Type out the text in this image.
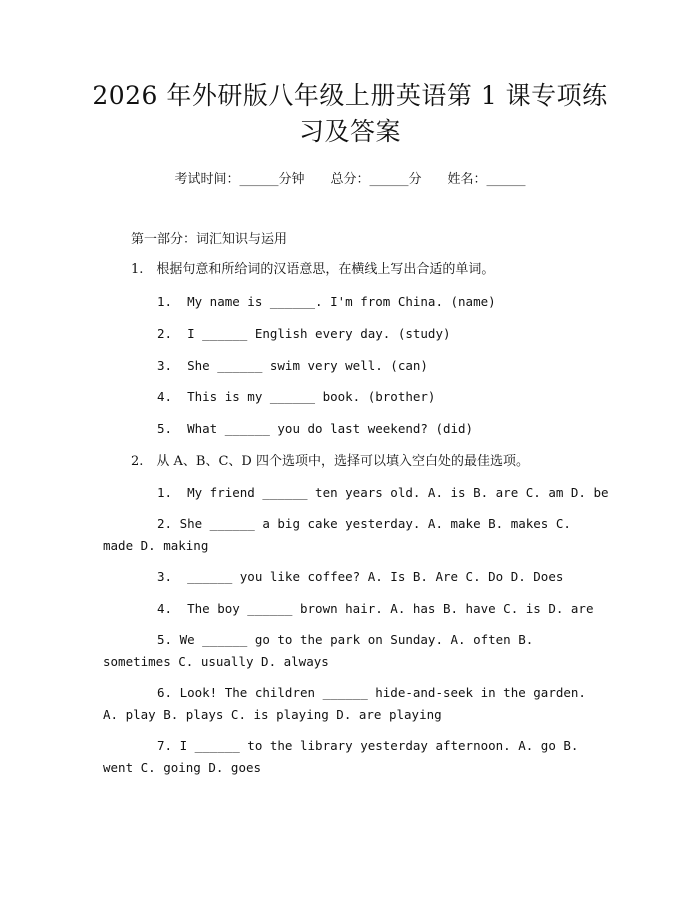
2026 年外研版八年级上册英语第 1 课专项练习及答案
考试时间：______分钟　　总分：______分　　姓名：______
第一部分：词汇知识与运用
1.　根据句意和所给词的汉语意思，在横线上写出合适的单词。
1.  My name is ______. I'm from China. (name)
2.  I ______ English every day. (study)
3.  She ______ swim very well. (can)
4.  This is my ______ book. (brother)
5.  What ______ you do last weekend? (did)
2.　从 A、B、C、D 四个选项中，选择可以填入空白处的最佳选项。
1.  My friend ______ ten years old. A. is B. are C. am D. be
2. She ______ a big cake yesterday. A. make B. makes C. made D. making
3.  ______ you like coffee? A. Is B. Are C. Do D. Does
4.  The boy ______ brown hair. A. has B. have C. is D. are
5. We ______ go to the park on Sunday. A. often B. sometimes C. usually D. always
6. Look! The children ______ hide-and-seek in the garden. A. play B. plays C. is playing D. are playing
7. I ______ to the library yesterday afternoon. A. go B. went C. going D. goes
